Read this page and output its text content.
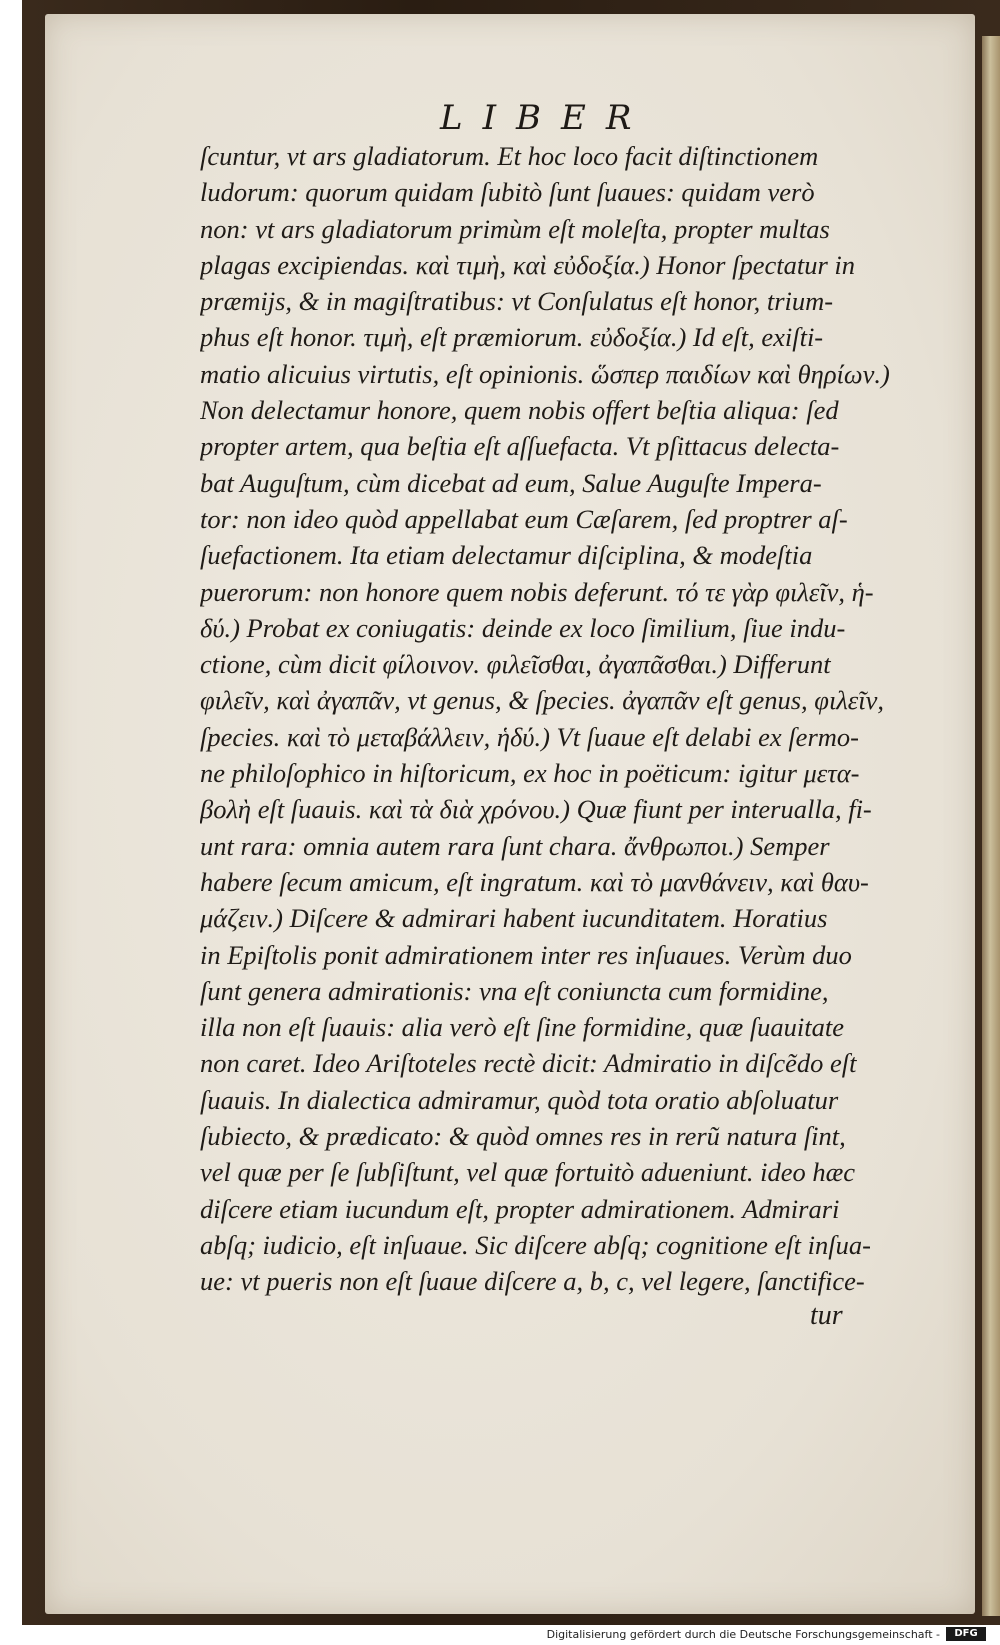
LIBER
ſcuntur, vt ars gladiatorum. Et hoc loco facit diſtinctionem
ludorum: quorum quidam ſubitò ſunt ſuaues: quidam verò
non: vt ars gladiatorum primùm eſt moleſta, propter multas
plagas excipiendas. καὶ τιμὴ, καὶ εὐδοξία.) Honor ſpectatur in
præmijs, & in magiſtratibus: vt Conſulatus eſt honor, trium-
phus eſt honor. τιμὴ, eſt præmiorum. εὐδοξία.) Id eſt, exiſti-
matio alicuius virtutis, eſt opinionis. ὥσπερ παιδίων καὶ θηρίων.)
Non delectamur honore, quem nobis offert beſtia aliqua: ſed
propter artem, qua beſtia eſt aſſuefacta. Vt pſittacus delecta-
bat Auguſtum, cùm dicebat ad eum, Salue Auguſte Impera-
tor: non ideo quòd appellabat eum Cæſarem, ſed proptrer aſ-
ſuefactionem. Ita etiam delectamur diſciplina, & modeſtia
puerorum: non honore quem nobis deferunt. τό τε γὰρ φιλεῖν, ἡ-
δύ.) Probat ex coniugatis: deinde ex loco ſimilium, ſiue indu-
ctione, cùm dicit φίλοινον. φιλεῖσθαι, ἀγαπᾶσθαι.) Differunt
φιλεῖν, καὶ ἀγαπᾶν, vt genus, & ſpecies. ἀγαπᾶν eſt genus, φιλεῖν,
ſpecies. καὶ τὸ μεταβάλλειν, ἡδύ.) Vt ſuaue eſt delabi ex ſermo-
ne philoſophico in hiſtoricum, ex hoc in poëticum: igitur μετα-
βολὴ eſt ſuauis. καὶ τὰ διὰ χρόνου.) Quæ fiunt per interualla, fi-
unt rara: omnia autem rara ſunt chara. ἄνθρωποι.) Semper
habere ſecum amicum, eſt ingratum. καὶ τὸ μανθάνειν, καὶ θαυ-
μάζειν.) Diſcere & admirari habent iucunditatem. Horatius
in Epiſtolis ponit admirationem inter res inſuaues. Verùm duo
ſunt genera admirationis: vna eſt coniuncta cum formidine,
illa non eſt ſuauis: alia verò eſt ſine formidine, quæ ſuauitate
non caret. Ideo Ariſtoteles rectè dicit: Admiratio in diſcẽdo eſt
ſuauis. In dialectica admiramur, quòd tota oratio abſoluatur
ſubiecto, & prædicato: & quòd omnes res in rerũ natura ſint,
vel quæ per ſe ſubſiſtunt, vel quæ fortuitò adueniunt. ideo hæc
diſcere etiam iucundum eſt, propter admirationem. Admirari
abſq; iudicio, eſt inſuaue. Sic diſcere abſq; cognitione eſt inſua-
ue: vt pueris non eſt ſuaue diſcere a, b, c, vel legere, ſanctifice-
tur
Digitalisierung gefördert durch die Deutsche Forschungsgemeinschaft -	DFG
